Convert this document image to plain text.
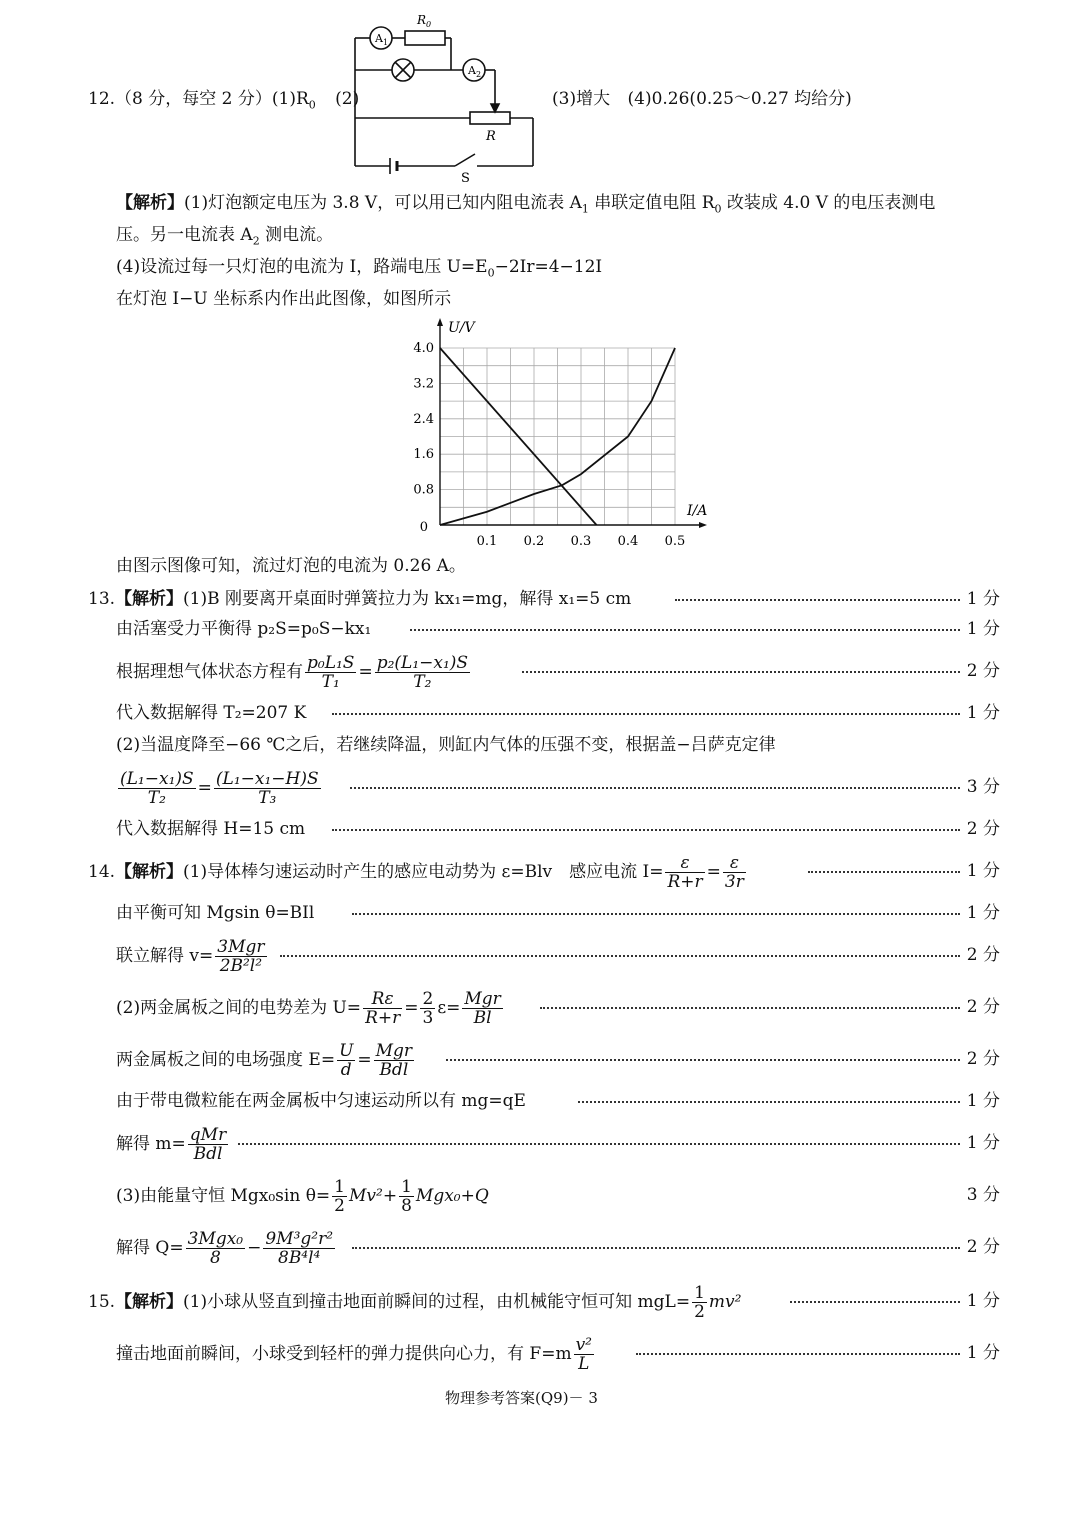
12.（8 分，每空 2 分）$(1)R_0$ (2)
$A_1$
$R_0$
$A_2$
R
S
(3)增大 (4)0.26(0.25～0.27 均给分)
【解析】(1)灯泡额定电压为 3.8 V，可以用已知内阻电流表 $A_1$ 串联定值电阻 $R_0$ 改装成 4.0 V 的电压表测电
压。另一电流表 $A_2$ 测电流。
(4)设流过每一只灯泡的电流为 I，路端电压 $U=E_0-2Ir=4-12I$
在灯泡 I−U 坐标系内作出此图像，如图所示
0.1 0.2 0.3 0.4 0.5
0.8
1.6
2.4
3.2
4.0
0
I/A
U/V
由图示图像可知，流过灯泡的电流为 0.26 A。
13.【解析】(1)B 刚要离开桌面时弹簧拉力为 kx₁=mg，解得 x₁=5 cm	1 分
由活塞受力平衡得 p₂S=p₀S−kx₁	1 分
根据理想气体状态方程有 $\frac{\text{p₀L₁S}}{\text{T₁}} = \frac{\text{p₂(L₁−x₁)S}}{\text{T₂}}$	2 分
代入数据解得 T₂=207 K	1 分
(2)当温度降至−66 ℃之后，若继续降温，则缸内气体的压强不变，根据盖−吕萨克定律
$\frac{\text{(L₁−x₁)S}}{\text{T₂}} = \frac{\text{(L₁−x₁−H)S}}{\text{T₃}}$	3 分
代入数据解得 H=15 cm	2 分
14.【解析】(1)导体棒匀速运动时产生的感应电动势为 ε=Blv　感应电流 $I= \frac{\varepsilon}{R+r} = \frac{\varepsilon}{3r}$	1 分
由平衡可知 Mgsin θ=BIl	1 分
联立解得 $v= \frac{\text{3Mgr}}{\text{2B²l²}}$	2 分
(2)两金属板之间的电势差为 $U= \frac{R\varepsilon}{R+r} = \frac{2}{3} \varepsilon= \frac{\text{Mgr}}{Bl}$	2 分
两金属板之间的电场强度 $E= \frac{U}{d} = \frac{\text{Mgr}}{\text{Bdl}}$	2 分
由于带电微粒能在两金属板中匀速运动所以有 mg=qE	1 分
解得 $m= \frac{\text{qMr}}{\text{Bdl}}$	1 分
(3)由能量守恒 Mgx₀sin $\theta= \frac{1}{2} Mv^2+ \frac{1}{8} Mgx_0+Q$	3 分
解得 $Q= \frac{\text{3Mgx₀}}{8} - \frac{\text{9M³g²r²}}{\text{8B⁴l⁴}}$	2 分
15.【解析】(1)小球从竖直到撞击地面前瞬间的过程，由机械能守恒可知 $mgL= \frac{1}{2} mv^2$	1 分
撞击地面前瞬间，小球受到轻杆的弹力提供向心力，有 $F=m \frac{\text{v²}}{L}$	1 分
物理参考答案(Q9)－ 3
